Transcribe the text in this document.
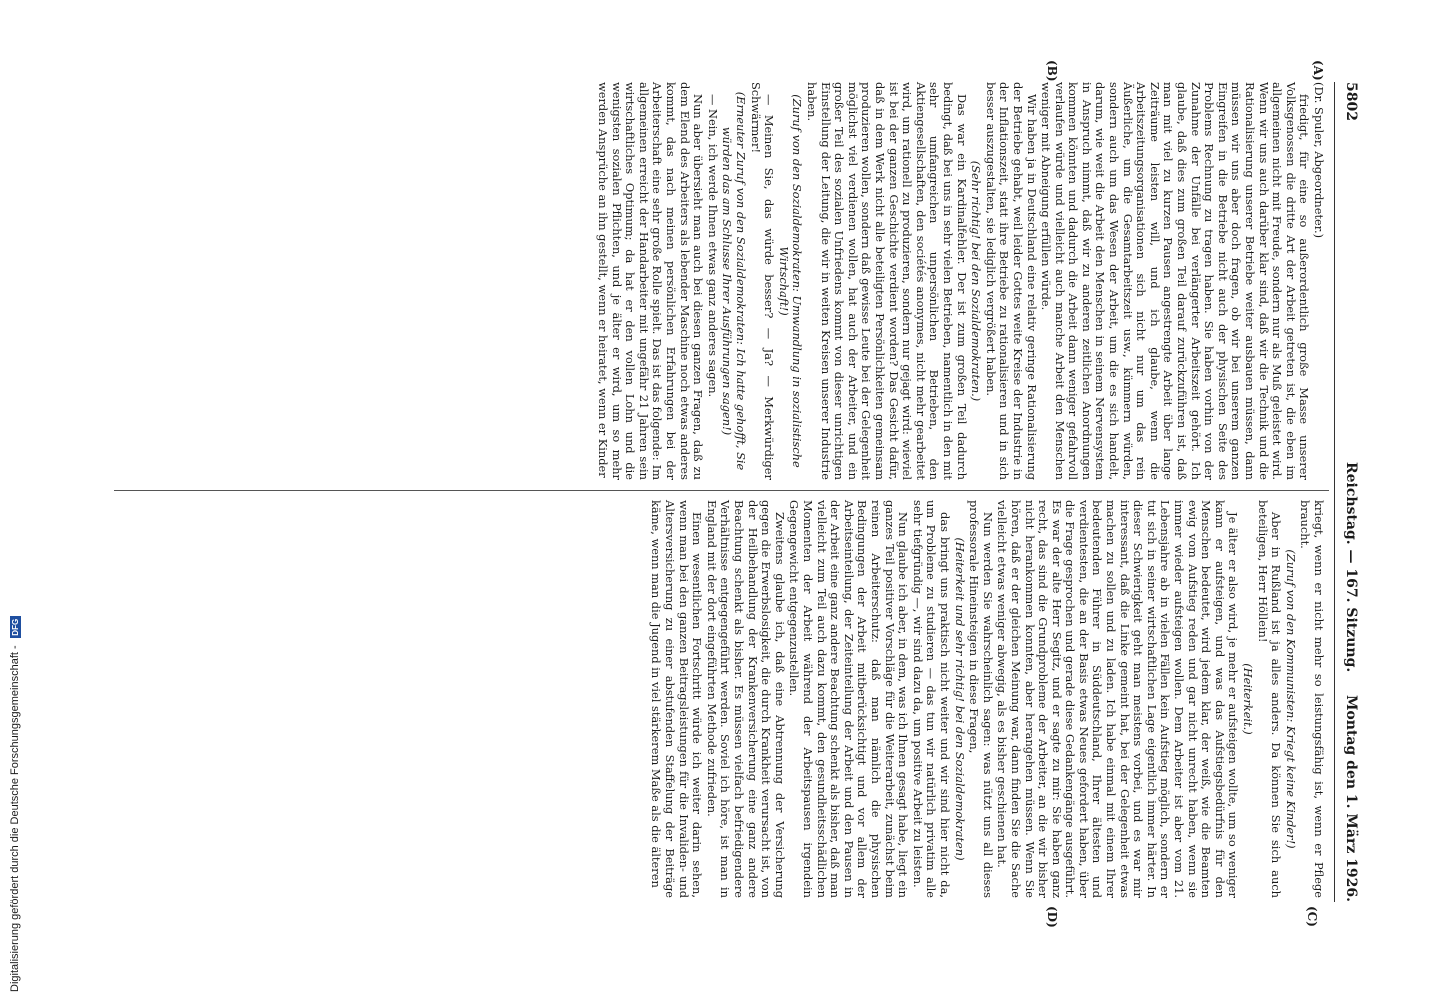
5802
Reichstag. — 167. Sitzung.
Montag den 1. März 1926.
(A)
(B)
(C)
(D)

(Dr. Spuler, Abgeordneter.)

friedigt, für eine so außerordentlich große Masse unserer Volksgenossen die dritte Art der Arbeit getreten ist, die eben im allgemeinen nicht mit Freude, sondern nur als Muß geleistet wird. Wenn wir uns auch darüber klar sind, daß wir die Technik und die Rationalisierung unserer Betriebe weiter ausbauen müssen, dann müssen wir uns aber doch fragen, ob wir bei unserem ganzen Eingreifen in die Betriebe nicht auch der physischen Seite des Problems Rechnung zu tragen haben. Sie haben vorhin von der Zunahme der Unfälle bei verlängerter Arbeitszeit gehört. Ich glaube, daß dies zum großen Teil darauf zurückzuführen ist, daß man mit viel zu kurzen Pausen angestrengte Arbeit über lange Zeiträume leisten will, und ich glaube, wenn die Arbeitszeitungsorganisationen sich nicht nur um das rein Äußerliche, um die Gesamtarbeitszeit usw., kümmern würden, sondern auch um das Wesen der Arbeit, um die es sich handelt, darum, wie weit die Arbeit den Menschen in seinem Nervensystem in Anspruch nimmt, daß wir zu anderen zeitlichen Anordnungen kommen könnten und dadurch die Arbeit dann weniger gefahrvoll verlaufen würde und vielleicht auch manche Arbeit den Menschen weniger mit Abneigung erfüllen würde.

Wir haben ja in Deutschland eine relativ geringe Rationalisierung der Betriebe gehabt, weil leider Gottes weite Kreise der Industrie in der Inflationszeit, statt ihre Betriebe zu rationalisieren und in sich besser auszugestalten, sie lediglich vergrößert haben.

(Sehr richtig! bei den Sozialdemokraten.)

Das war ein Kardinalfehler. Der ist zum großen Teil dadurch bedingt, daß bei uns in sehr vielen Betrieben, namentlich in den mit sehr umfangreichen unpersönlichen Betrieben, den Aktiengesellschaften, den sociétés anonymes, nicht mehr gearbeitet wird, um rationell zu produzieren, sondern nur gejagt wird: wieviel ist bei der ganzen Geschichte verdient worden? Das Gesicht dafür, daß in dem Werk nicht alle beteiligten Persönlichkeiten gemeinsam produzieren wollen, sondern daß gewisse Leute bei der Gelegenheit möglichst viel verdienen wollen, hat auch der Arbeiter, und ein großer Teil des sozialen Unfriedens kommt von dieser unrichtigen Einstellung der Leitung, die wir in weiten Kreisen unserer Industrie haben.

(Zuruf von den Sozialdemokraten: Umwandlung in sozialistische Wirtschaft!)

— Meinen Sie, das würde besser? — Ja? — Merkwürdiger Schwärmer!

(Erneuter Zuruf von den Sozialdemokraten: Ich hatte gehofft, Sie würden das am Schlusse Ihrer Ausführungen sagen!)

— Nein, ich werde Ihnen etwas ganz anderes sagen.

Nun aber übersieht man auch bei diesen ganzen Fragen, daß zu dem Elend des Arbeiters als lebender Maschine noch etwas anderes kommt, das nach meinen persönlichen Erfahrungen bei der Arbeiterschaft eine sehr große Rolle spielt. Das ist das folgende: Im allgemeinen erreicht der Handarbeiter mit ungefähr 21 Jahren sein wirtschaftliches Optimum; da hat er den vollen Lohn und die wenigsten sozialen Pflichten, und je älter er wird, um so mehr werden Ansprüche an ihn gestellt, wenn er heiratet, wenn er Kinder

kriegt, wenn er nicht mehr so leistungsfähig ist, wenn er Pflege braucht.

(Zuruf von den Kommunisten: Kriegt keine Kinder!)

Aber in Rußland ist ja alles anders. Da können Sie sich auch beteiligen, Herr Höllein!

(Heiterkeit.)

Je älter er also wird, je mehr er aufsteigen wollte, um so weniger kann er aufsteigen, und was das Aufstiegsbedürfnis für den Menschen bedeutet, wird jedem klar, der weiß, wie die Beamten ewig vom Aufstieg reden und gar nicht unrecht haben, wenn sie immer wieder aufsteigen wollen. Dem Arbeiter ist aber vom 21. Lebensjahre ab in vielen Fällen kein Aufstieg möglich, sondern er tut sich in seiner wirtschaftlichen Lage eigentlich immer härter. In dieser Schwierigkeit geht man meistens vorbei, und es war mir interessant, daß die Linke gemeint hat, bei der Gelegenheit etwas machen zu sollen und zu laden. Ich habe einmal mit einem Ihrer bedeutenden Führer in Süddeutschland, Ihrer ältesten und verdientesten, die an der Basis etwas Neues gefordert haben, über die Frage gesprochen und gerade diese Gedankengänge ausgeführt. Es war der alte Herr Segitz, und er sagte zu mir: Sie haben ganz recht, das sind die Grundprobleme der Arbeiter, an die wir bisher nicht herankommen konnten, aber herangehen müssen. Wenn Sie hören, daß er der gleichen Meinung war, dann finden Sie die Sache vielleicht etwas weniger abwegig, als es bisher geschienen hat.

Nun werden Sie wahrscheinlich sagen: was nützt uns all dieses professorale Hineinsteigen in diese Fragen,

(Heiterkeit und sehr richtig! bei den Sozialdemokraten)

das bringt uns praktisch nicht weiter und wir sind hier nicht da, um Probleme zu studieren — das tun wir natürlich privatim alle sehr tiefgründig —, wir sind dazu da, um positive Arbeit zu leisten.

Nun glaube ich aber, in dem, was ich Ihnen gesagt habe, liegt ein ganzes Teil positiver Vorschläge für die Weiterarbeit, zunächst beim reinen Arbeiterschutz: daß man nämlich die physischen Bedingungen der Arbeit mitberücksichtigt und vor allem der Arbeitseinteilung, der Zeiteinteilung der Arbeit und den Pausen in der Arbeit eine ganz andere Beachtung schenkt als bisher, daß man vielleicht zum Teil auch dazu kommt, den gesundheitsschädlichen Momenten der Arbeit während der Arbeitspausen irgendein Gegengewicht entgegenzustellen.

Zweitens glaube ich, daß eine Abtrennung der Versicherung gegen die Erwerbslosigkeit, die durch Krankheit verursacht ist, von der Heilbehandlung der Krankenversicherung eine ganz andere Beachtung schenkt als bisher. Es müssen vielfach befriedigendere Verhältnisse entgegengeführt werden. Soviel ich höre, ist man in England mit der dort eingeführten Methode zufrieden.

Einen wesentlichen Fortschritt würde ich weiter darin sehen, wenn man bei den ganzen Beitragsleistungen für die Invaliden- und Altersversicherung zu einer abstufenden Staffelung der Beiträge käme, wenn man die Jugend in viel stärkerem Maße als die älteren

Digitalisierung gefördert durch die Deutsche Forschungsgemeinschaft - DFG
